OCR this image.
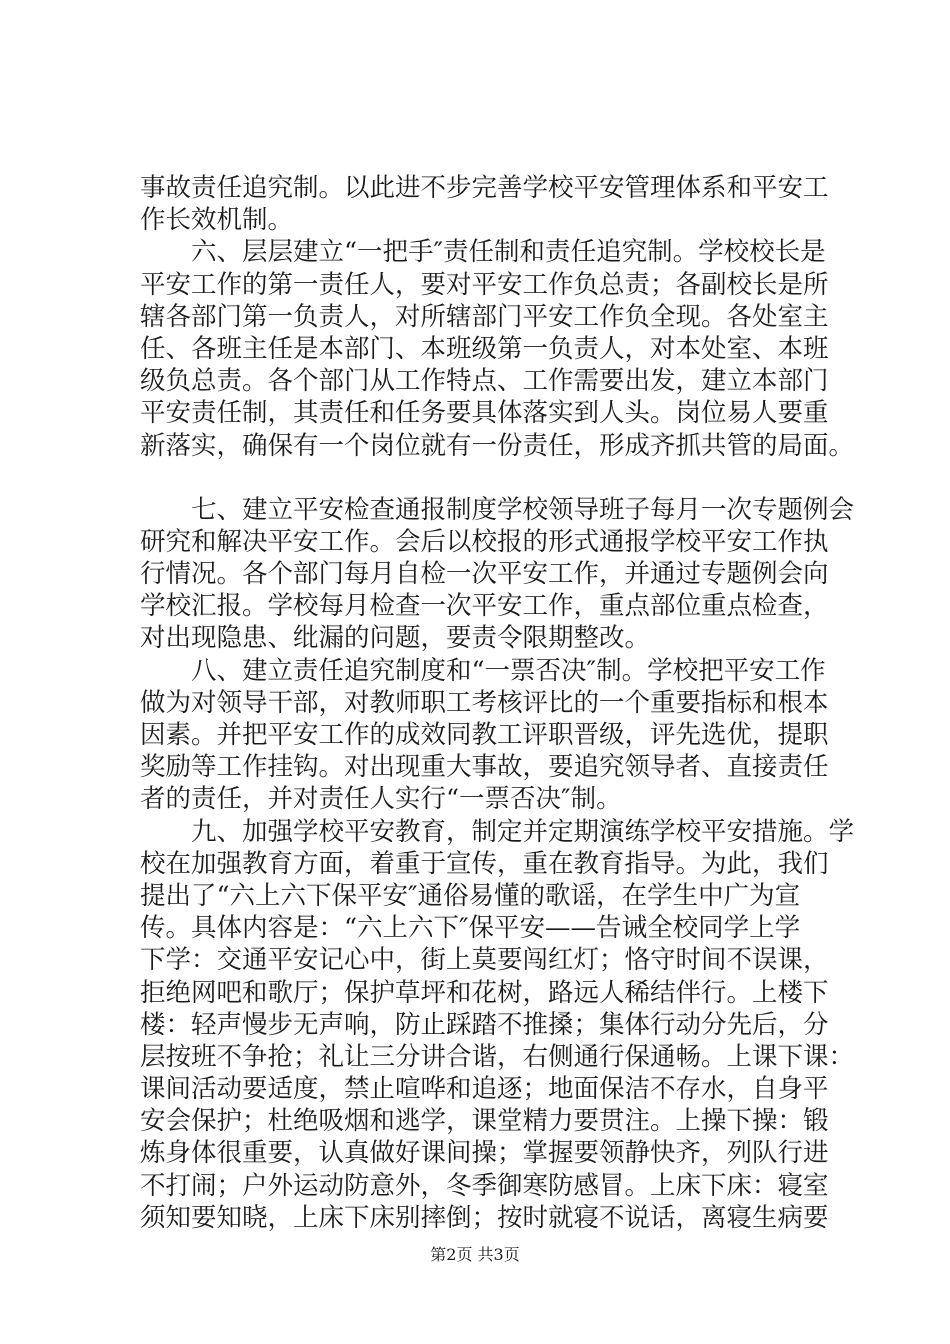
事故责任追究制。以此进不步完善学校平安管理体系和平安工
作长效机制。
　　六、层层建立“一把手″责任制和责任追究制。学校校长是
平安工作的第一责任人，要对平安工作负总责；各副校长是所
辖各部门第一负责人，对所辖部门平安工作负全现。各处室主
任、各班主任是本部门、本班级第一负责人，对本处室、本班
级负总责。各个部门从工作特点、工作需要出发，建立本部门
平安责任制，其责任和任务要具体落实到人头。岗位易人要重
新落实，确保有一个岗位就有一份责任，形成齐抓共管的局面。
　　七、建立平安检查通报制度学校领导班子每月一次专题例会
研究和解决平安工作。会后以校报的形式通报学校平安工作执
行情况。各个部门每月自检一次平安工作，并通过专题例会向
学校汇报。学校每月检查一次平安工作，重点部位重点检查，
对出现隐患、纰漏的问题，要责令限期整改。
　　八、建立责任追究制度和“一票否决″制。学校把平安工作
做为对领导干部，对教师职工考核评比的一个重要指标和根本
因素。并把平安工作的成效同教工评职晋级，评先选优，提职
奖励等工作挂钩。对出现重大事故，要追究领导者、直接责任
者的责任，并对责任人实行“一票否决″制。
　　九、加强学校平安教育，制定并定期演练学校平安措施。学
校在加强教育方面，着重于宣传，重在教育指导。为此，我们
提出了“六上六下保平安″通俗易懂的歌谣，在学生中广为宣
传。具体内容是：“六上六下″保平安——告诫全校同学上学
下学：交通平安记心中，街上莫要闯红灯；恪守时间不误课，
拒绝网吧和歌厅；保护草坪和花树，路远人稀结伴行。上楼下
楼：轻声慢步无声响，防止踩踏不推搡；集体行动分先后，分
层按班不争抢；礼让三分讲合谐，右侧通行保通畅。上课下课：
课间活动要适度，禁止喧哗和追逐；地面保洁不存水，自身平
安会保护；杜绝吸烟和逃学，课堂精力要贯注。上操下操：锻
炼身体很重要，认真做好课间操；掌握要领静快齐，列队行进
不打闹；户外运动防意外，冬季御寒防感冒。上床下床：寝室
须知要知晓，上床下床别摔倒；按时就寝不说话，离寝生病要
第2页 共3页
